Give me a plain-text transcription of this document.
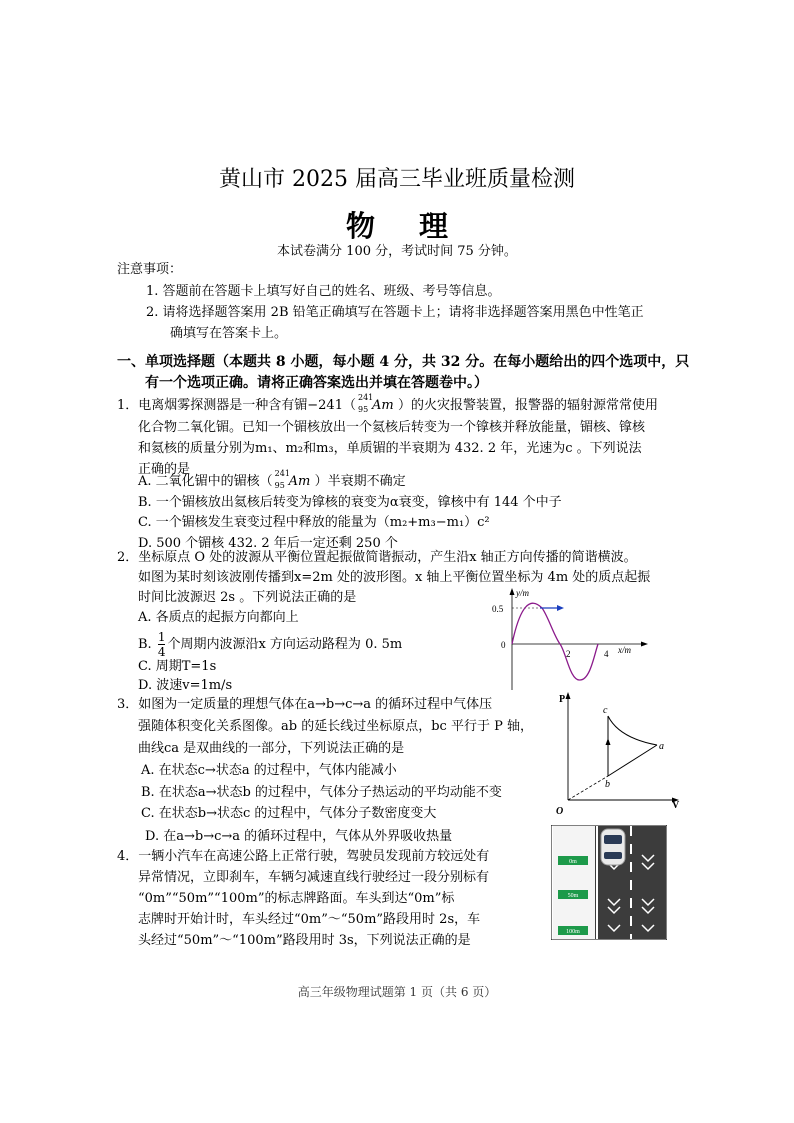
黄山市 2025 届高三毕业班质量检测
物理
本试卷满分 100 分，考试时间 75 分钟。
注意事项：
1. 答题前在答题卡上填写好自己的姓名、班级、考号等信息。
2. 请将选择题答案用 2B 铅笔正确填写在答题卡上；请将非选择题答案用黑色中性笔正
确填写在答案卡上。
一、单项选择题（本题共 8 小题，每小题 4 分，共 32 分。在每小题给出的四个选项中，只
有一个选项正确。请将正确答案选出并填在答题卷中。）
1．电离烟雾探测器是一种含有镅−241（
241
95 Am ）的火灾报警装置，报警器的辐射源常常使用
化合物二氧化镅。已知一个镅核放出一个氦核后转变为一个镎核并释放能量，镅核、镎核
和氦核的质量分别为m₁、m₂和m₃，单质镅的半衰期为 432. 2 年，光速为c 。下列说法
正确的是
A. 二氧化镅中的镅核（
241
95 Am ）半衰期不确定
B. 一个镅核放出氦核后转变为镎核的衰变为α衰变，镎核中有 144 个中子
C. 一个镅核发生衰变过程中释放的能量为（m₂+m₃−m₁）c²
D. 500 个镅核 432. 2 年后一定还剩 250 个
2．坐标原点 O 处的波源从平衡位置起振做简谐振动，产生沿x 轴正方向传播的简谐横波。
如图为某时刻该波刚传播到x=2m 处的波形图。x 轴上平衡位置坐标为 4m 处的质点起振
时间比波源迟 2s 。下列说法正确的是
A. 各质点的起振方向都向上
B. $\frac{1}{4}$ 个周期内波源沿x 方向运动路程为 0. 5m
C. 周期T=1s
D. 波速v=1m/s
y/m
0.5
0
2	4 x/m
3．如图为一定质量的理想气体在a→b→c→a 的循环过程中气体压
强随体积变化关系图像。ab 的延长线过坐标原点，bc 平行于 P 轴，
曲线ca 是双曲线的一部分，下列说法正确的是
A. 在状态c→状态a 的过程中，气体内能减小
B. 在状态a→状态b 的过程中，气体分子热运动的平均动能不变
C. 在状态b→状态c 的过程中，气体分子数密度变大
D. 在a→b→c→a 的循环过程中，气体从外界吸收热量
P
V
O
c
a
b
4．一辆小汽车在高速公路上正常行驶，驾驶员发现前方较远处有
异常情况，立即刹车，车辆匀减速直线行驶经过一段分别标有
“0m”“50m”“100m”的标志牌路面。车头到达“0m”标
志牌时开始计时，车头经过“0m”～“50m”路段用时 2s，车
头经过“50m”～“100m”路段用时 3s，下列说法正确的是
0m
50m
100m
高三年级物理试题第 1 页（共 6 页）
